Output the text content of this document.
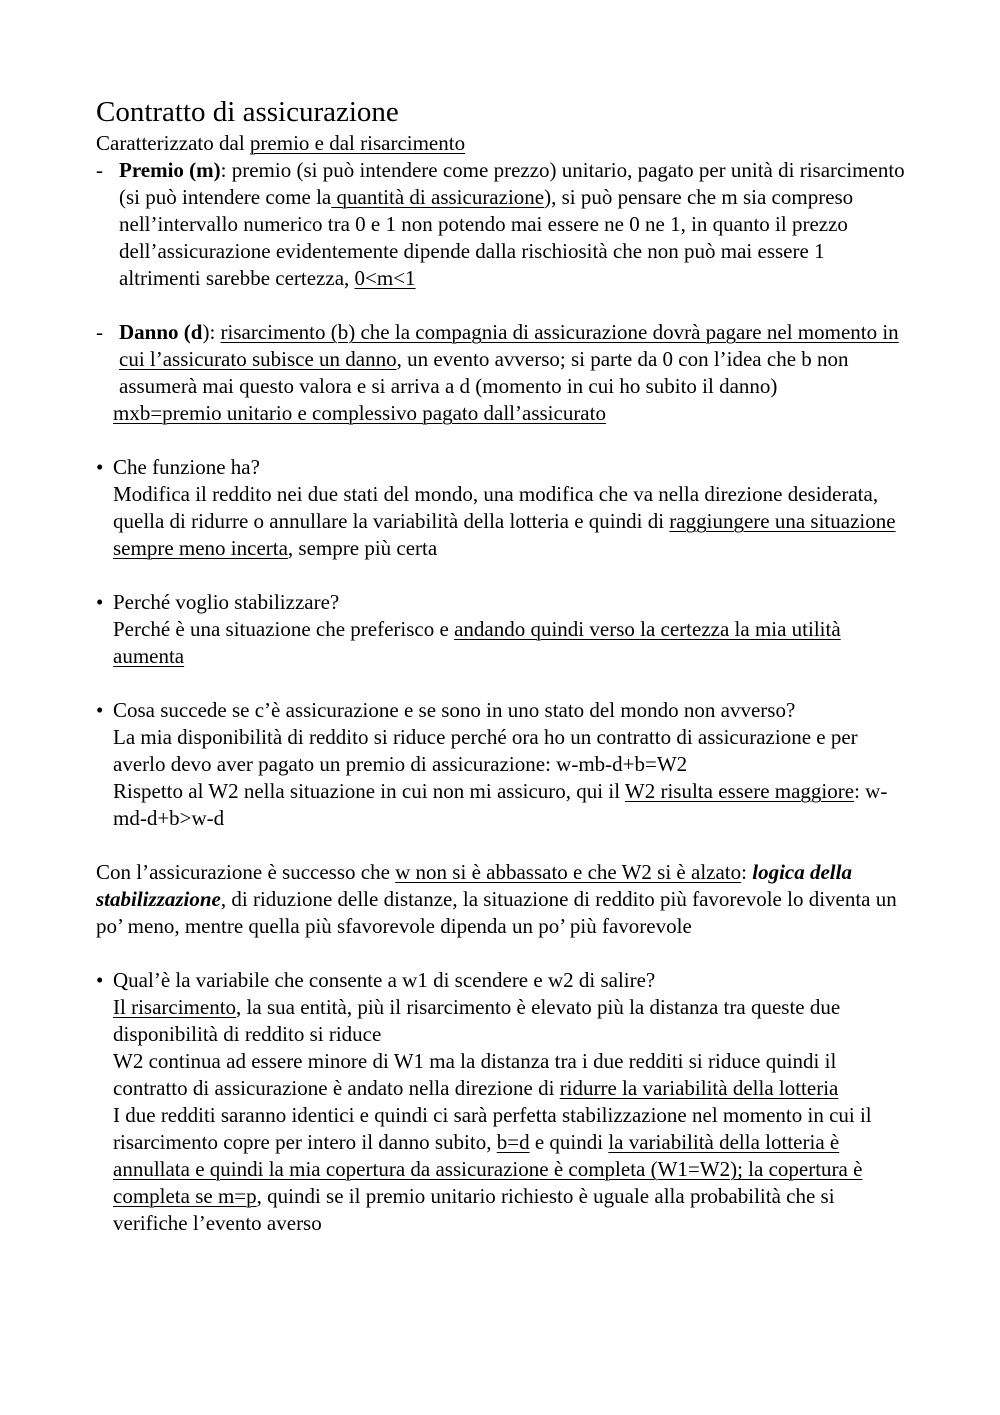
Contratto di assicurazione

Caratterizzato dal premio e dal risarcimento

- Premio (m): premio (si può intendere come prezzo) unitario, pagato per unità di risarcimento (si può intendere come la quantità di assicurazione), si può pensare che m sia compreso nell’intervallo numerico tra 0 e 1 non potendo mai essere ne 0 ne 1, in quanto il prezzo dell’assicurazione evidentemente dipende dalla rischiosità che non può mai essere 1 altrimenti sarebbe certezza, 0<m<1

- Danno (d): risarcimento (b) che la compagnia di assicurazione dovrà pagare nel momento in cui l’assicurato subisce un danno, un evento avverso; si parte da 0 con l’idea che b non assumerà mai questo valora e si arriva a d (momento in cui ho subito il danno)

mxb=premio unitario e complessivo pagato dall’assicurato

• Che funzione ha?

Modifica il reddito nei due stati del mondo, una modifica che va nella direzione desiderata, quella di ridurre o annullare la variabilità della lotteria e quindi di raggiungere una situazione sempre meno incerta, sempre più certa

• Perché voglio stabilizzare?

Perché è una situazione che preferisco e andando quindi verso la certezza la mia utilità aumenta

• Cosa succede se c’è assicurazione e se sono in uno stato del mondo non avverso?

La mia disponibilità di reddito si riduce perché ora ho un contratto di assicurazione e per averlo devo aver pagato un premio di assicurazione: w-mb-d+b=W2

Rispetto al W2 nella situazione in cui non mi assicuro, qui il W2 risulta essere maggiore: w-md-d+b>w-d

Con l’assicurazione è successo che w non si è abbassato e che W2 si è alzato: logica della stabilizzazione, di riduzione delle distanze, la situazione di reddito più favorevole lo diventa un po’ meno, mentre quella più sfavorevole dipenda un po’ più favorevole

• Qual’è la variabile che consente a w1 di scendere e w2 di salire?

Il risarcimento, la sua entità, più il risarcimento è elevato più la distanza tra queste due disponibilità di reddito si riduce

W2 continua ad essere minore di W1 ma la distanza tra i due redditi si riduce quindi il contratto di assicurazione è andato nella direzione di ridurre la variabilità della lotteria

I due redditi saranno identici e quindi ci sarà perfetta stabilizzazione nel momento in cui il risarcimento copre per intero il danno subito, b=d e quindi la variabilità della lotteria è annullata e quindi la mia copertura da assicurazione è completa (W1=W2); la copertura è completa se m=p, quindi se il premio unitario richiesto è uguale alla probabilità che si verifiche l’evento averso
